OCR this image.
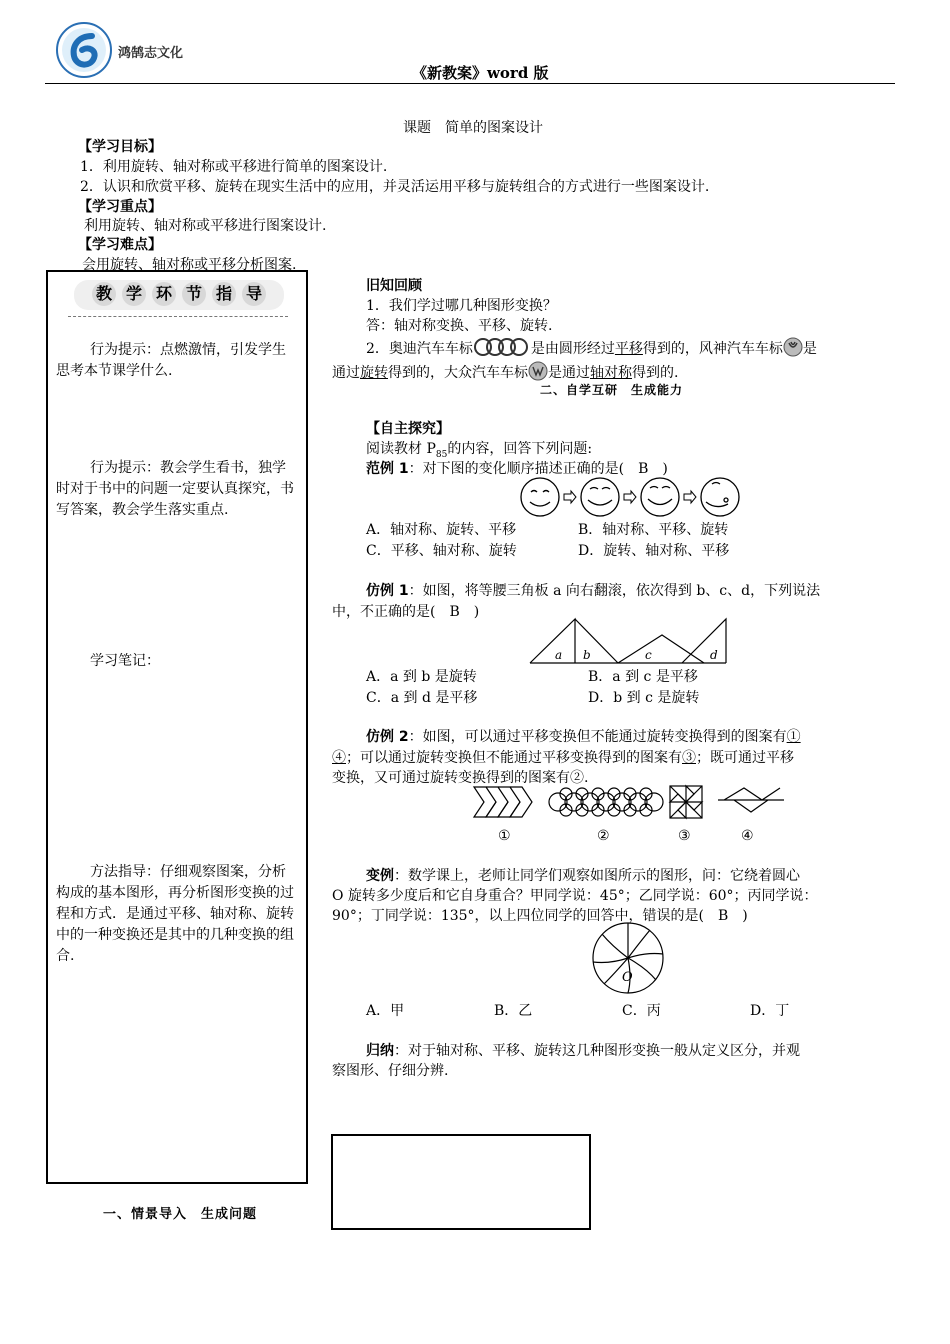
鸿鹄志文化
《新教案》word 版
课题　简单的图案设计
【学习目标】
1．利用旋转、轴对称或平移进行简单的图案设计.
2．认识和欣赏平移、旋转在现实生活中的应用，并灵活运用平移与旋转组合的方式进行一些图案设计.
【学习重点】
利用旋转、轴对称或平移进行图案设计.
【学习难点】
会用旋转、轴对称或平移分析图案.
教 学 环 节 指 导
行为提示：点燃激情，引发学生思考本节课学什么.
行为提示：教会学生看书，独学时对于书中的问题一定要认真探究，书写答案，教会学生落实重点.
学习笔记：
方法指导：仔细观察图案，分析构成的基本图形，再分析图形变换的过程和方式．是通过平移、轴对称、旋转中的一种变换还是其中的几种变换的组合.
一、情景导入　生成问题
旧知回顾
1．我们学过哪几种图形变换？
答：轴对称变换、平移、旋转.
2．奥迪汽车车标	是由圆形经过平移得到的，风神汽车车标 是
通过旋转得到的，大众汽车车标 是通过轴对称得到的.
二、自学互研　生成能力
【自主探究】
阅读教材 $P_{85}$的内容，回答下列问题:
范例 1：对下图的变化顺序描述正确的是(　B　)
A．轴对称、旋转、平移	B．轴对称、平移、旋转
C．平移、轴对称、旋转	D．旋转、轴对称、平移
仿例 1：如图，将等腰三角板 a 向右翻滚，依次得到 b、c、d，下列说法
中，不正确的是(　B　)
a b	c	d
A．a 到 b 是旋转	B．a 到 c 是平移
C．a 到 d 是平移	D．b 到 c 是旋转
仿例 2：如图，可以通过平移变换但不能通过旋转变换得到的图案有①
④；可以通过旋转变换但不能通过平移变换得到的图案有③；既可通过平移
变换，又可通过旋转变换得到的图案有②.
①	②	③	④
变例：数学课上，老师让同学们观察如图所示的图形，问：它绕着圆心
O 旋转多少度后和它自身重合？甲同学说：45°；乙同学说：60°；丙同学说：
90°；丁同学说：135°，以上四位同学的回答中，错误的是(　B　)
O
A．甲	B．乙	C．丙	D．丁
归纳：对于轴对称、平移、旋转这几种图形变换一般从定义区分，并观
察图形、仔细分辨.
